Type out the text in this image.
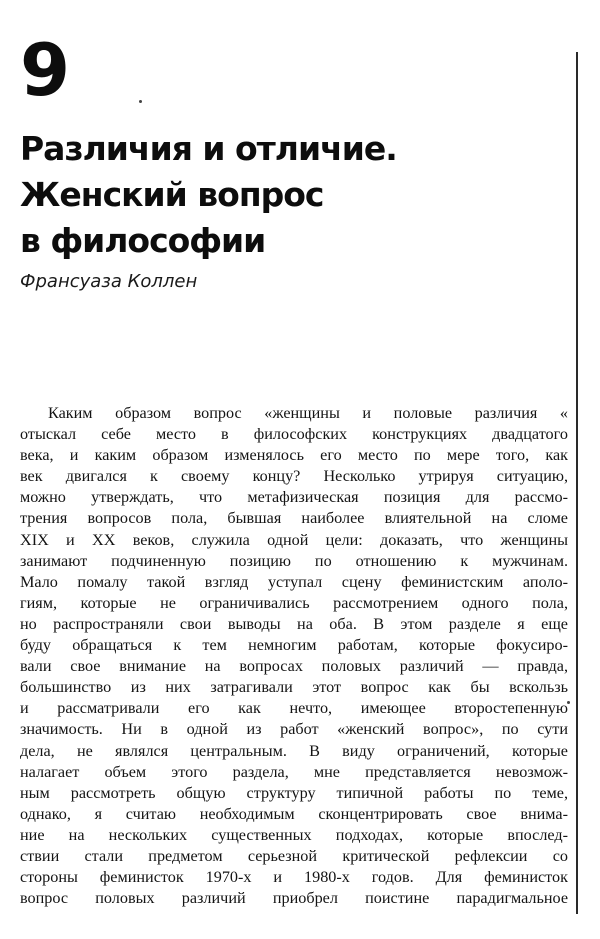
9
Различия и отличие.
Женский вопрос
в философии
Франсуаза Коллен
Каким образом вопрос «женщины и половые различия «
отыскал себе место в философских конструкциях двадцатого
века, и каким образом изменялось его место по мере того, как
век двигался к своему концу? Несколько утрируя ситуацию,
можно утверждать, что метафизическая позиция для рассмо-
трения вопросов пола, бывшая наиболее влиятельной на сломе
XIX и XX веков, служила одной цели: доказать, что женщины
занимают подчиненную позицию по отношению к мужчинам.
Мало помалу такой взгляд уступал сцену феминистским аполо-
гиям, которые не ограничивались рассмотрением одного пола,
но распространяли свои выводы на оба. В этом разделе я еще
буду обращаться к тем немногим работам, которые фокусиро-
вали свое внимание на вопросах половых различий — правда,
большинство из них затрагивали этот вопрос как бы вскользь
и рассматривали его как нечто, имеющее второстепенную
значимость. Ни в одной из работ «женский вопрос», по сути
дела, не являлся центральным. В виду ограничений, которые
налагает объем этого раздела, мне представляется невозмож-
ным рассмотреть общую структуру типичной работы по теме,
однако, я считаю необходимым сконцентрировать свое внима-
ние на нескольких существенных подходах, которые впослед-
ствии стали предметом серьезной критической рефлексии со
стороны феминисток 1970-х и 1980-х годов. Для феминисток
вопрос половых различий приобрел поистине парадигмальное
